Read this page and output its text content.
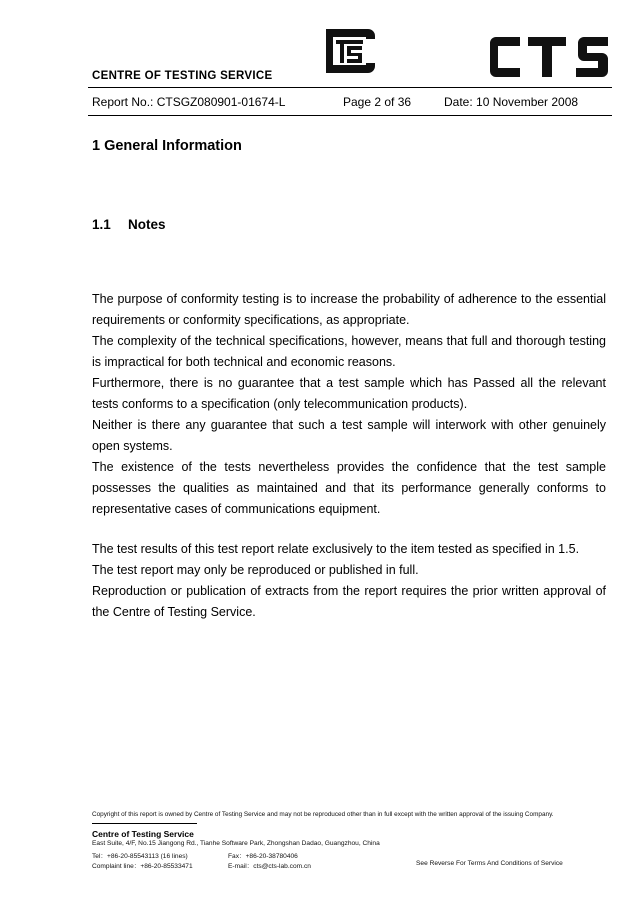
CENTRE OF TESTING SERVICE
Report No.: CTSGZ080901-01674-L	Page 2 of 36	Date: 10 November 2008
1 General Information
1.1 Notes

The purpose of conformity testing is to increase the probability of adherence to the essential requirements or conformity specifications, as appropriate.

The complexity of the technical specifications, however, means that full and thorough testing is impractical for both technical and economic reasons.

Furthermore, there is no guarantee that a test sample which has Passed all the relevant tests conforms to a specification (only telecommunication products).

Neither is there any guarantee that such a test sample will interwork with other genuinely open systems.

The existence of the tests nevertheless provides the confidence that the test sample possesses the qualities as maintained and that its performance generally conforms to representative cases of communications equipment.

The test results of this test report relate exclusively to the item tested as specified in 1.5.

The test report may only be reproduced or published in full.

Reproduction or publication of extracts from the report requires the prior written approval of the Centre of Testing Service.

Copyright of this report is owned by Centre of Testing Service and may not be reproduced other than in full except with the written approval of the issuing Company.
Centre of Testing Service
East Suite, 4/F, No.15 Jiangong Rd., Tianhe Software Park, Zhongshan Dadao, Guangzhou, China
Tel：+86-20-85543113 (16 lines)	Fax：+86-20-38780406
Complaint line：+86-20-85533471	E-mail：cts@cts-lab.com.cn	See Reverse For Terms And Conditions of Service
